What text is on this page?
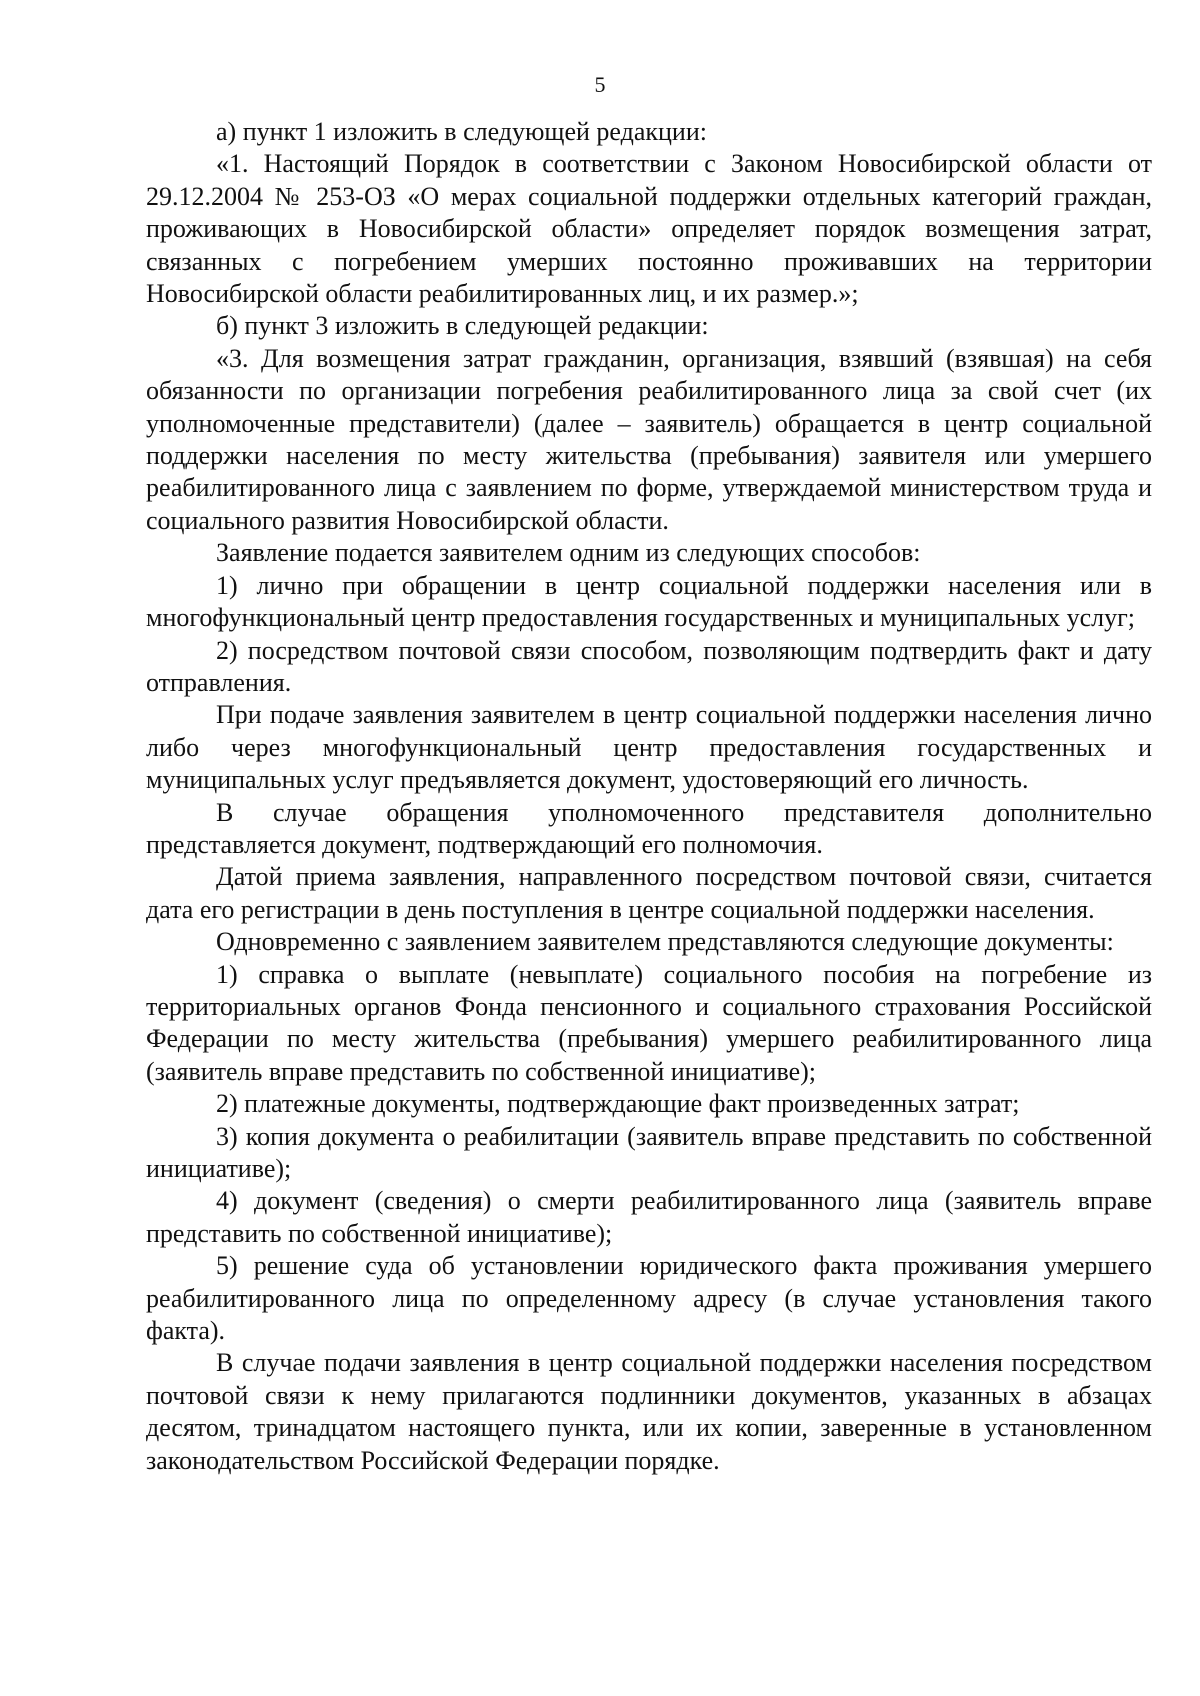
5

а) пункт 1 изложить в следующей редакции:

«1. Настоящий Порядок в соответствии с Законом Новосибирской области от 29.12.2004 № 253-ОЗ «О мерах социальной поддержки отдельных категорий граждан, проживающих в Новосибирской области» определяет порядок возмещения затрат, связанных с погребением умерших постоянно проживавших на территории Новосибирской области реабилитированных лиц, и их размер.»;

б) пункт 3 изложить в следующей редакции:

«3. Для возмещения затрат гражданин, организация, взявший (взявшая) на себя обязанности по организации погребения реабилитированного лица за свой счет (их уполномоченные представители) (далее – заявитель) обращается в центр социальной поддержки населения по месту жительства (пребывания) заявителя или умершего реабилитированного лица с заявлением по форме, утверждаемой министерством труда и социального развития Новосибирской области.

Заявление подается заявителем одним из следующих способов:

1) лично при обращении в центр социальной поддержки населения или в многофункциональный центр предоставления государственных и муниципальных услуг;

2) посредством почтовой связи способом, позволяющим подтвердить факт и дату отправления.

При подаче заявления заявителем в центр социальной поддержки населения лично либо через многофункциональный центр предоставления государственных и муниципальных услуг предъявляется документ, удостоверяющий его личность.

В случае обращения уполномоченного представителя дополнительно представляется документ, подтверждающий его полномочия.

Датой приема заявления, направленного посредством почтовой связи, считается дата его регистрации в день поступления в центре социальной поддержки населения.

Одновременно с заявлением заявителем представляются следующие документы:

1) справка о выплате (невыплате) социального пособия на погребение из территориальных органов Фонда пенсионного и социального страхования Российской Федерации по месту жительства (пребывания) умершего реабилитированного лица (заявитель вправе представить по собственной инициативе);

2) платежные документы, подтверждающие факт произведенных затрат;

3) копия документа о реабилитации (заявитель вправе представить по собственной инициативе);

4) документ (сведения) о смерти реабилитированного лица (заявитель вправе представить по собственной инициативе);

5) решение суда об установлении юридического факта проживания умершего реабилитированного лица по определенному адресу (в случае установления такого факта).

В случае подачи заявления в центр социальной поддержки населения посредством почтовой связи к нему прилагаются подлинники документов, указанных в абзацах десятом, тринадцатом настоящего пункта, или их копии, заверенные в установленном законодательством Российской Федерации порядке.
